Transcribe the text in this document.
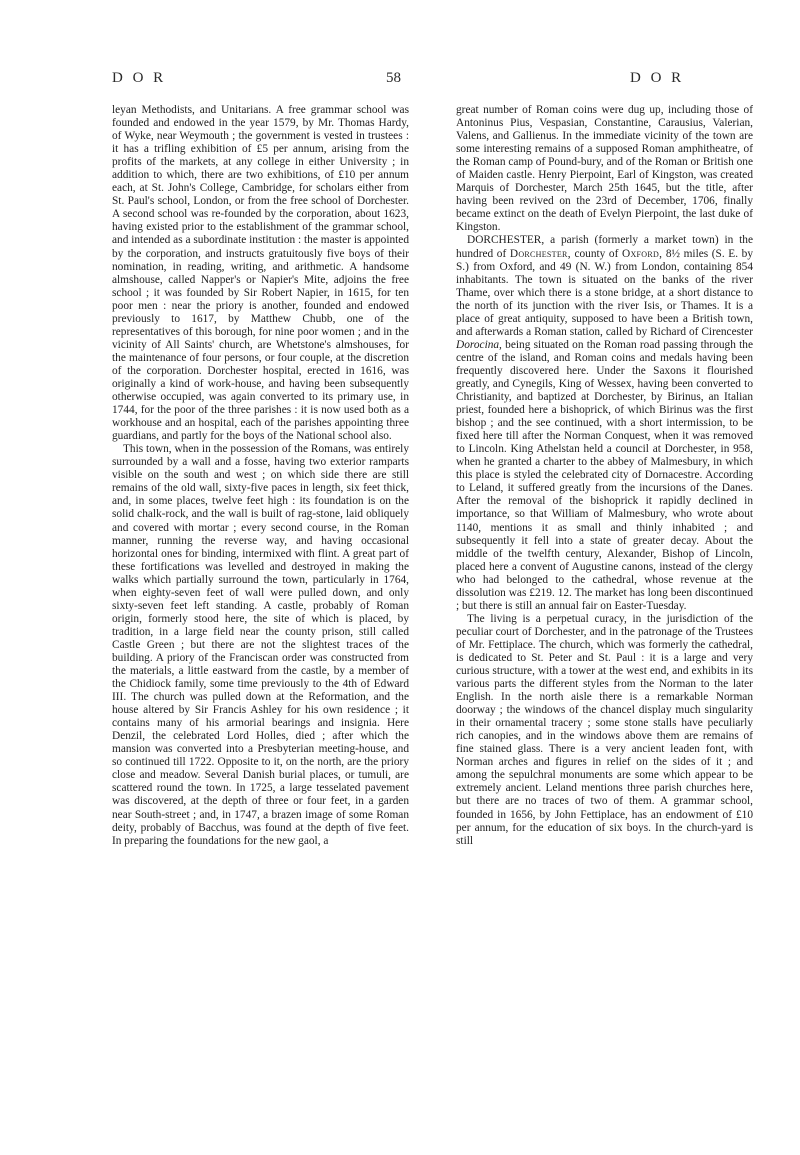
D O R	58	D O R

leyan Methodists, and Unitarians. A free grammar school was founded and endowed in the year 1579, by Mr. Thomas Hardy, of Wyke, near Weymouth ; the government is vested in trustees : it has a trifling exhibition of £5 per annum, arising from the profits of the markets, at any college in either University ; in addition to which, there are two exhibitions, of £10 per annum each, at St. John's College, Cambridge, for scholars either from St. Paul's school, London, or from the free school of Dorchester. A second school was re-founded by the corporation, about 1623, having existed prior to the establishment of the grammar school, and intended as a subordinate institution : the master is appointed by the corporation, and instructs gratuitously five boys of their nomination, in reading, writing, and arithmetic. A handsome almshouse, called Napper's or Napier's Mite, adjoins the free school ; it was founded by Sir Robert Napier, in 1615, for ten poor men : near the priory is another, founded and endowed previously to 1617, by Matthew Chubb, one of the representatives of this borough, for nine poor women ; and in the vicinity of All Saints' church, are Whetstone's almshouses, for the maintenance of four persons, or four couple, at the discretion of the corporation. Dorchester hospital, erected in 1616, was originally a kind of work-house, and having been subsequently otherwise occupied, was again converted to its primary use, in 1744, for the poor of the three parishes : it is now used both as a workhouse and an hospital, each of the parishes appointing three guardians, and partly for the boys of the National school also.

This town, when in the possession of the Romans, was entirely surrounded by a wall and a fosse, having two exterior ramparts visible on the south and west ; on which side there are still remains of the old wall, sixty-five paces in length, six feet thick, and, in some places, twelve feet high : its foundation is on the solid chalk-rock, and the wall is built of rag-stone, laid obliquely and covered with mortar ; every second course, in the Roman manner, running the reverse way, and having occasional horizontal ones for binding, intermixed with flint. A great part of these fortifications was levelled and destroyed in making the walks which partially surround the town, particularly in 1764, when eighty-seven feet of wall were pulled down, and only sixty-seven feet left standing. A castle, probably of Roman origin, formerly stood here, the site of which is placed, by tradition, in a large field near the county prison, still called Castle Green ; but there are not the slightest traces of the building. A priory of the Franciscan order was constructed from the materials, a little eastward from the castle, by a member of the Chidiock family, some time previously to the 4th of Edward III. The church was pulled down at the Reformation, and the house altered by Sir Francis Ashley for his own residence ; it contains many of his armorial bearings and insignia. Here Denzil, the celebrated Lord Holles, died ; after which the mansion was converted into a Presbyterian meeting-house, and so continued till 1722. Opposite to it, on the north, are the priory close and meadow. Several Danish burial places, or tumuli, are scattered round the town. In 1725, a large tesselated pavement was discovered, at the depth of three or four feet, in a garden near South-street ; and, in 1747, a brazen image of some Roman deity, probably of Bacchus, was found at the depth of five feet. In preparing the foundations for the new gaol, a

great number of Roman coins were dug up, including those of Antoninus Pius, Vespasian, Constantine, Carausius, Valerian, Valens, and Gallienus. In the immediate vicinity of the town are some interesting remains of a supposed Roman amphitheatre, of the Roman camp of Pound-bury, and of the Roman or British one of Maiden castle. Henry Pierpoint, Earl of Kingston, was created Marquis of Dorchester, March 25th 1645, but the title, after having been revived on the 23rd of December, 1706, finally became extinct on the death of Evelyn Pierpoint, the last duke of Kingston.

DORCHESTER, a parish (formerly a market town) in the hundred of Dorchester, county of Oxford, 8½ miles (S. E. by S.) from Oxford, and 49 (N. W.) from London, containing 854 inhabitants. The town is situated on the banks of the river Thame, over which there is a stone bridge, at a short distance to the north of its junction with the river Isis, or Thames. It is a place of great antiquity, supposed to have been a British town, and afterwards a Roman station, called by Richard of Cirencester Dorocina, being situated on the Roman road passing through the centre of the island, and Roman coins and medals having been frequently discovered here. Under the Saxons it flourished greatly, and Cynegils, King of Wessex, having been converted to Christianity, and baptized at Dorchester, by Birinus, an Italian priest, founded here a bishoprick, of which Birinus was the first bishop ; and the see continued, with a short intermission, to be fixed here till after the Norman Conquest, when it was removed to Lincoln. King Athelstan held a council at Dorchester, in 958, when he granted a charter to the abbey of Malmesbury, in which this place is styled the celebrated city of Dornacestre. According to Leland, it suffered greatly from the incursions of the Danes. After the removal of the bishoprick it rapidly declined in importance, so that William of Malmesbury, who wrote about 1140, mentions it as small and thinly inhabited ; and subsequently it fell into a state of greater decay. About the middle of the twelfth century, Alexander, Bishop of Lincoln, placed here a convent of Augustine canons, instead of the clergy who had belonged to the cathedral, whose revenue at the dissolution was £219. 12. The market has long been discontinued ; but there is still an annual fair on Easter-Tuesday.

The living is a perpetual curacy, in the jurisdiction of the peculiar court of Dorchester, and in the patronage of the Trustees of Mr. Fettiplace. The church, which was formerly the cathedral, is dedicated to St. Peter and St. Paul : it is a large and very curious structure, with a tower at the west end, and exhibits in its various parts the different styles from the Norman to the later English. In the north aisle there is a remarkable Norman doorway ; the windows of the chancel display much singularity in their ornamental tracery ; some stone stalls have peculiarly rich canopies, and in the windows above them are remains of fine stained glass. There is a very ancient leaden font, with Norman arches and figures in relief on the sides of it ; and among the sepulchral monuments are some which appear to be extremely ancient. Leland mentions three parish churches here, but there are no traces of two of them. A grammar school, founded in 1656, by John Fettiplace, has an endowment of £10 per annum, for the education of six boys. In the church-yard is still
